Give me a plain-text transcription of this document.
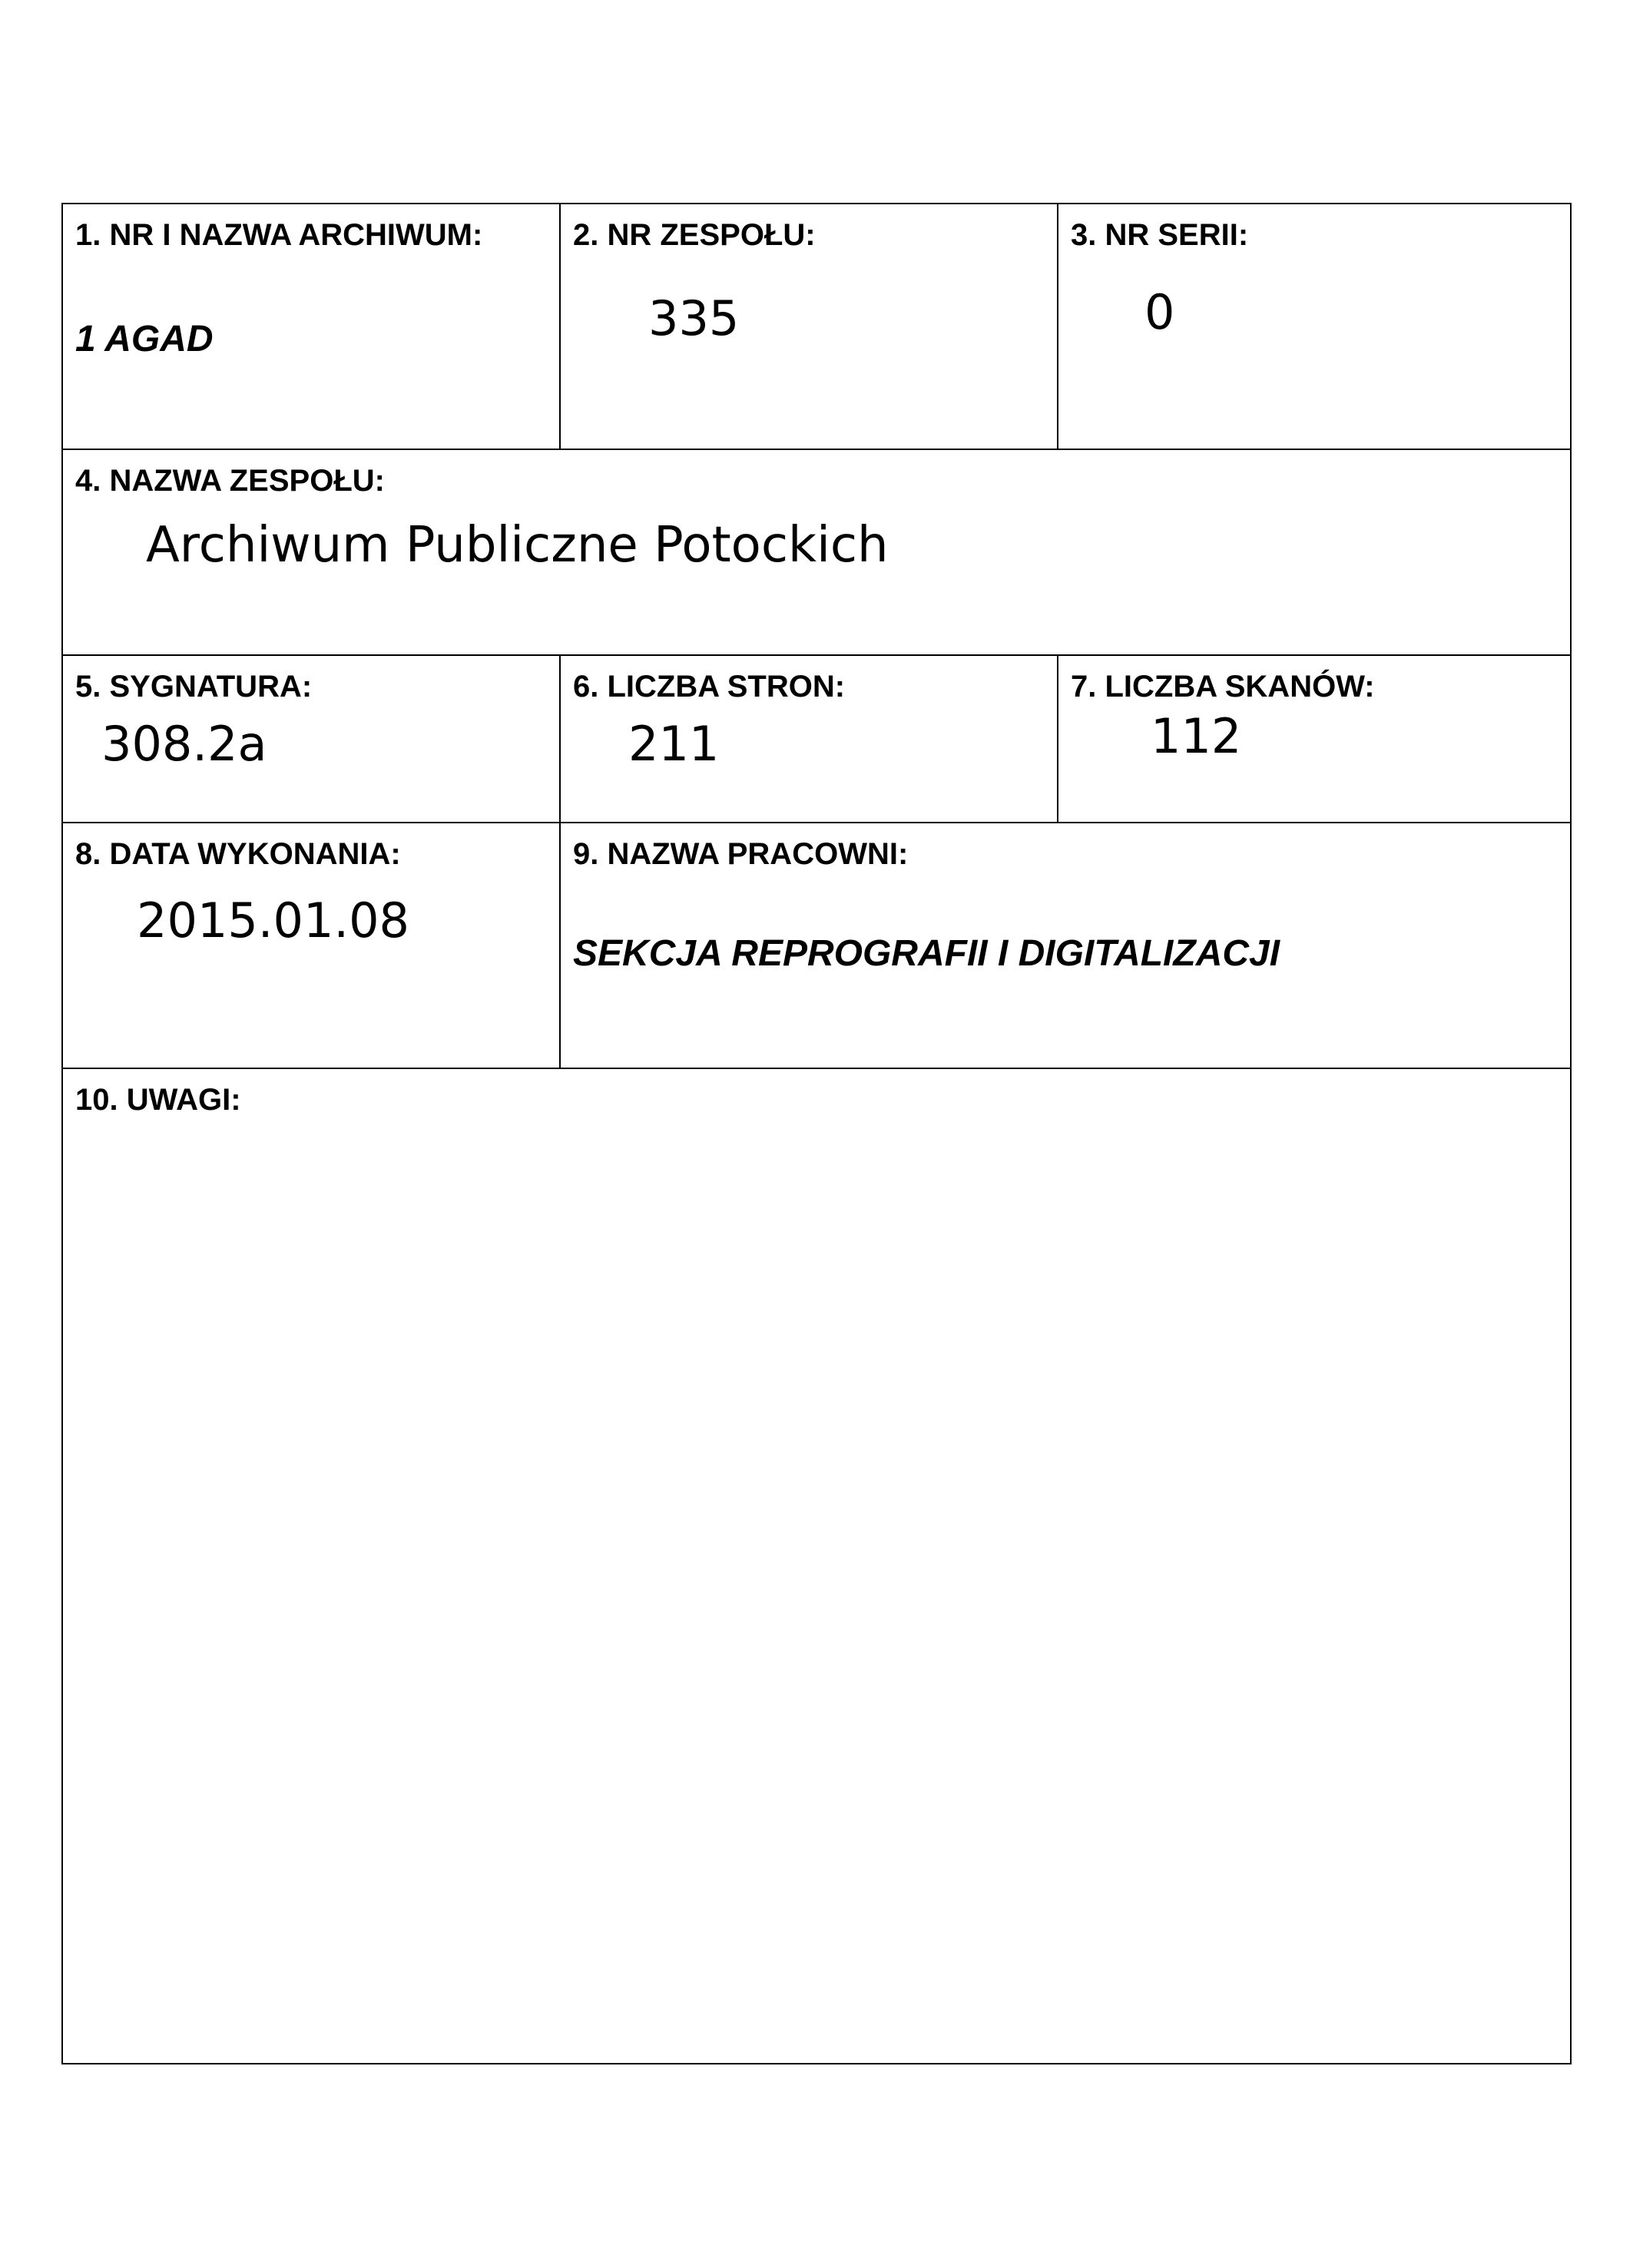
1. NR I NAZWA ARCHIWUM:
1 AGAD
2. NR ZESPOŁU:
335
3. NR SERII:
0
4. NAZWA ZESPOŁU:
Archiwum Publiczne Potockich
5. SYGNATURA:
308.2a
6. LICZBA STRON:
211
7. LICZBA SKANÓW:
112
8. DATA WYKONANIA:
2015.01.08
9. NAZWA PRACOWNI:
SEKCJA REPROGRAFII I DIGITALIZACJI
10. UWAGI:
